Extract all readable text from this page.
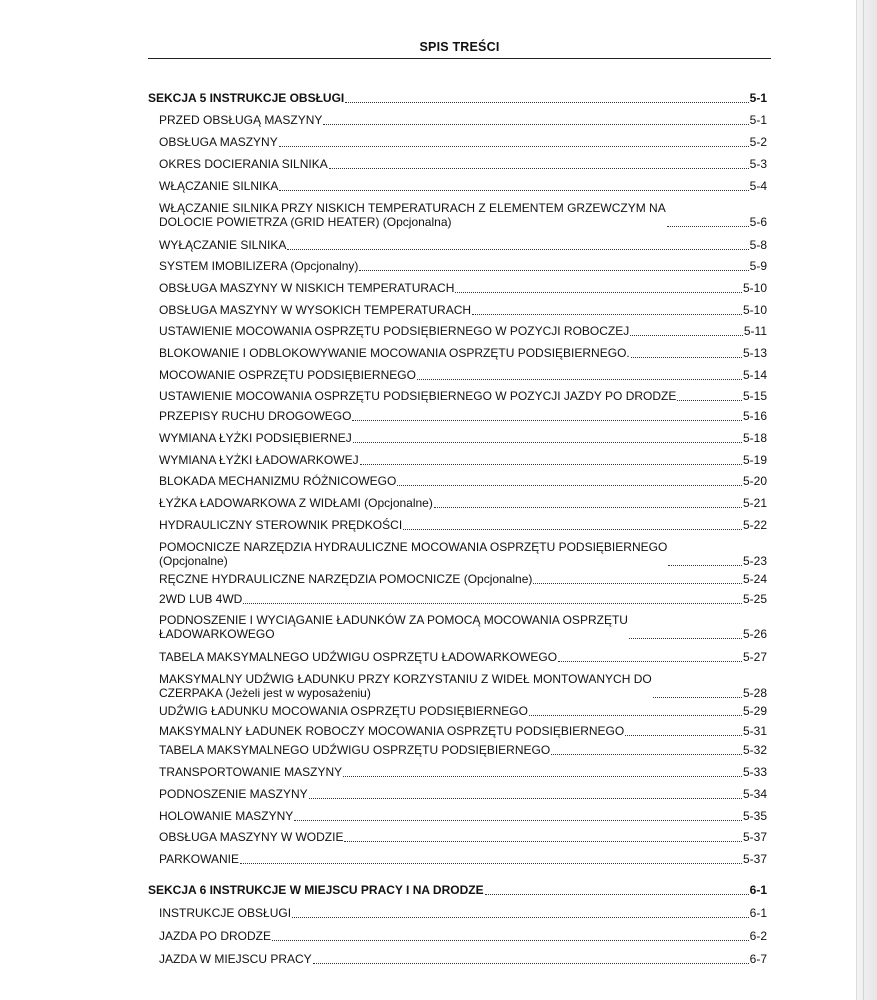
SPIS TREŚCI
SEKCJA 5 INSTRUKCJE OBSŁUGI	5-1
PRZED OBSŁUGĄ MASZYNY	5-1
OBSŁUGA MASZYNY	5-2
OKRES DOCIERANIA SILNIKA	5-3
WŁĄCZANIE SILNIKA	5-4
WŁĄCZANIE SILNIKA PRZY NISKICH TEMPERATURACH Z ELEMENTEM GRZEWCZYM NA
DOLOCIE POWIETRZA (GRID HEATER) (Opcjonalna)	5-6
WYŁĄCZANIE SILNIKA	5-8
SYSTEM IMOBILIZERA (Opcjonalny)	5-9
OBSŁUGA MASZYNY W NISKICH TEMPERATURACH	5-10
OBSŁUGA MASZYNY W WYSOKICH TEMPERATURACH	5-10
USTAWIENIE MOCOWANIA OSPRZĘTU PODSIĘBIERNEGO W POZYCJI ROBOCZEJ	5-11
BLOKOWANIE I ODBLOKOWYWANIE MOCOWANIA OSPRZĘTU PODSIĘBIERNEGO.	5-13
MOCOWANIE OSPRZĘTU PODSIĘBIERNEGO	5-14
USTAWIENIE MOCOWANIA OSPRZĘTU PODSIĘBIERNEGO W POZYCJI JAZDY PO DRODZE	5-15
PRZEPISY RUCHU DROGOWEGO	5-16
WYMIANA ŁYŻKI PODSIĘBIERNEJ	5-18
WYMIANA ŁYŻKI ŁADOWARKOWEJ	5-19
BLOKADA MECHANIZMU RÓŻNICOWEGO	5-20
ŁYŻKA ŁADOWARKOWA Z WIDŁAMI (Opcjonalne)	5-21
HYDRAULICZNY STEROWNIK PRĘDKOŚCI	5-22
POMOCNICZE NARZĘDZIA HYDRAULICZNE MOCOWANIA OSPRZĘTU PODSIĘBIERNEGO
(Opcjonalne)	5-23
RĘCZNE HYDRAULICZNE NARZĘDZIA POMOCNICZE (Opcjonalne)	5-24
2WD LUB 4WD	5-25
PODNOSZENIE I WYCIĄGANIE ŁADUNKÓW ZA POMOCĄ MOCOWANIA OSPRZĘTU
ŁADOWARKOWEGO	5-26
TABELA MAKSYMALNEGO UDŹWIGU OSPRZĘTU ŁADOWARKOWEGO	5-27
MAKSYMALNY UDŹWIG ŁADUNKU PRZY KORZYSTANIU Z WIDEŁ MONTOWANYCH DO
CZERPAKA (Jeżeli jest w wyposażeniu)	5-28
UDŹWIG ŁADUNKU MOCOWANIA OSPRZĘTU PODSIĘBIERNEGO	5-29
MAKSYMALNY ŁADUNEK ROBOCZY MOCOWANIA OSPRZĘTU PODSIĘBIERNEGO	5-31
TABELA MAKSYMALNEGO UDŹWIGU OSPRZĘTU PODSIĘBIERNEGO	5-32
TRANSPORTOWANIE MASZYNY	5-33
PODNOSZENIE MASZYNY	5-34
HOLOWANIE MASZYNY	5-35
OBSŁUGA MASZYNY W WODZIE	5-37
PARKOWANIE	5-37
SEKCJA 6 INSTRUKCJE W MIEJSCU PRACY I NA DRODZE	6-1
INSTRUKCJE OBSŁUGI	6-1
JAZDA PO DRODZE	6-2
JAZDA W MIEJSCU PRACY	6-7
